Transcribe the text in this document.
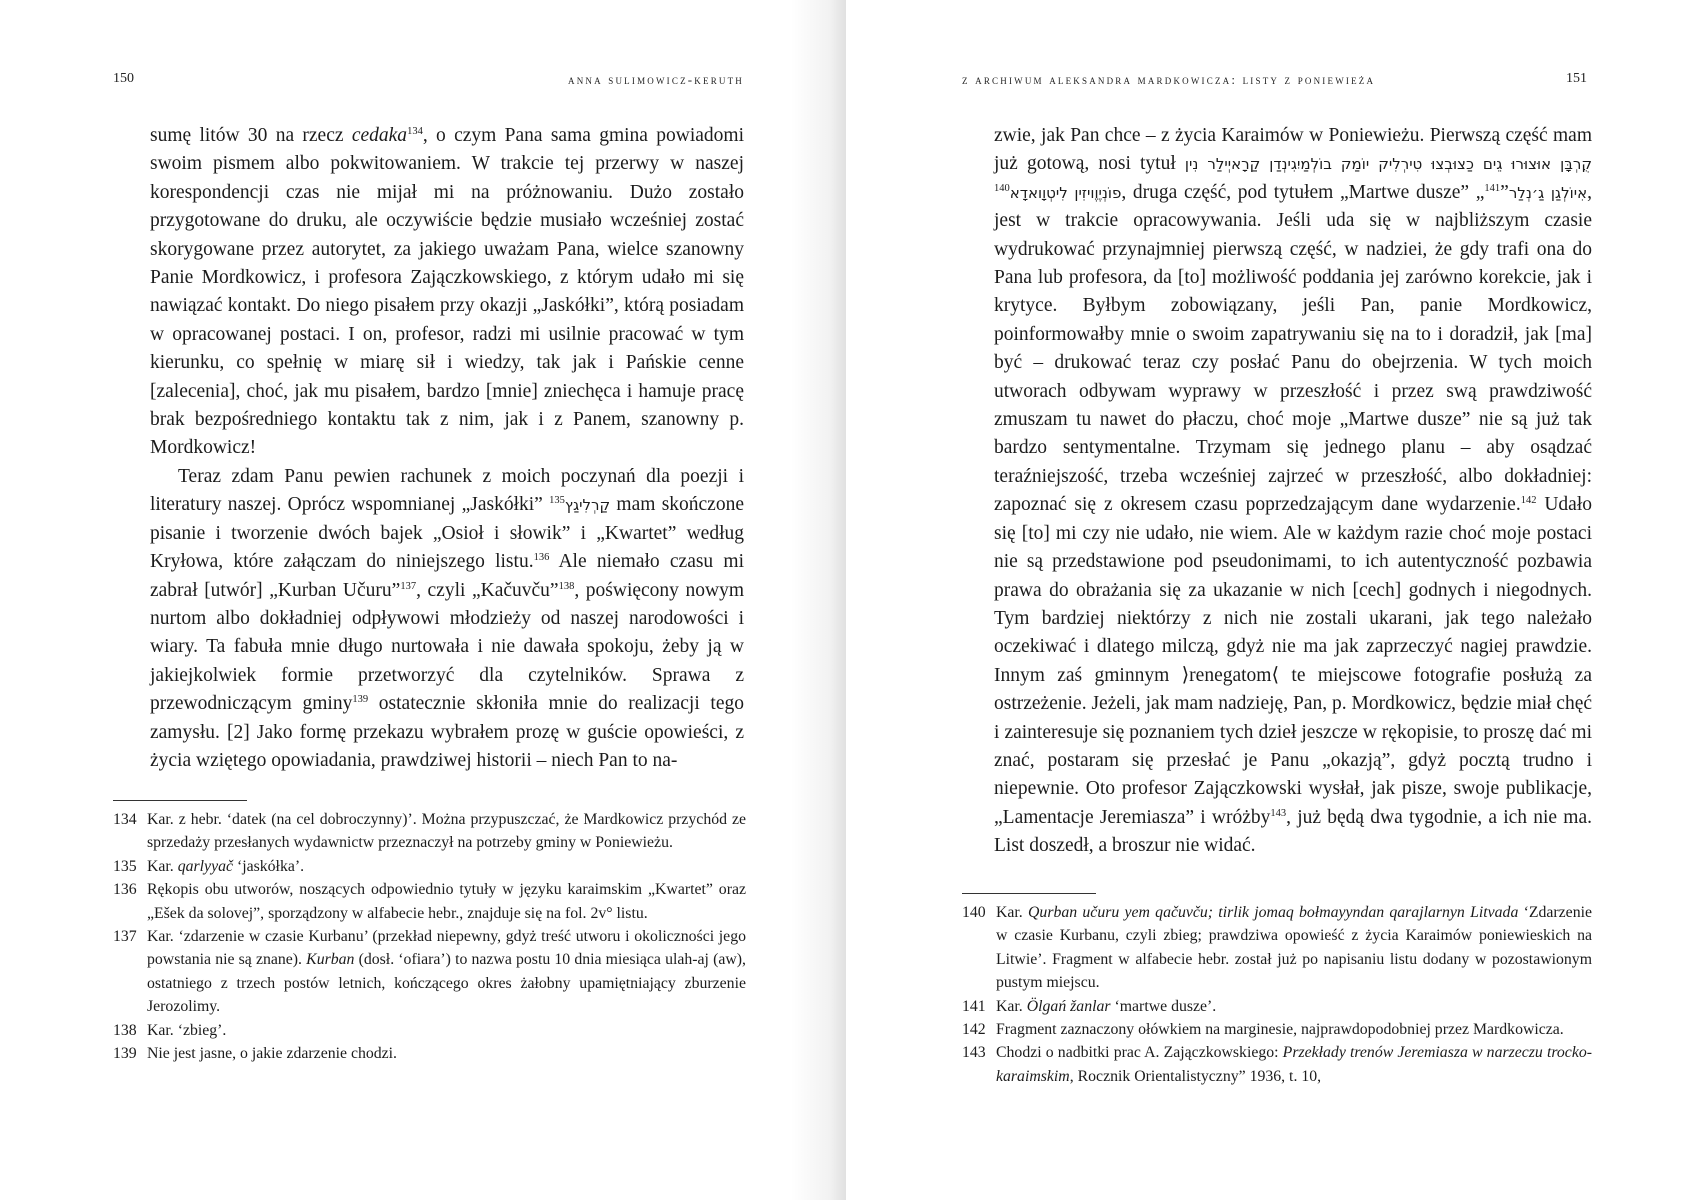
150	anna sulimowicz-keruth

sumę litów 30 na rzecz cedaka$^{134}$, o czym Pana sama gmina powiadomi swoim pismem albo pokwitowaniem. W trakcie tej przerwy w naszej korespondencji czas nie mijał mi na próżnowaniu. Dużo zostało przygotowane do druku, ale oczywiście będzie musiało wcześniej zostać skorygowane przez autorytet, za jakiego uważam Pana, wielce szanowny Panie Mordkowicz, i profesora Zajączkowskiego, z którym udało mi się nawiązać kontakt. Do niego pisałem przy okazji „Jaskółki”, którą posiadam w opracowanej postaci. I on, profesor, radzi mi usilnie pracować w tym kierunku, co spełnię w miarę sił i wiedzy, tak jak i Pańskie cenne [zalecenia], choć, jak mu pisałem, bardzo [mnie] zniechęca i hamuje pracę brak bezpośredniego kontaktu tak z nim, jak i z Panem, szanowny p. Mordkowicz!

Teraz zdam Panu pewien rachunek z moich poczynań dla poezji i literatury naszej. Oprócz wspomnianej „Jaskółki” קַרְלִיגַץ$^{135}$ mam skończone pisanie i tworzenie dwóch bajek „Osioł i słowik” i „Kwartet” według Kryłowa, które załączam do niniejszego listu.$^{136}$ Ale niemało czasu mi zabrał [utwór] „Kurban Učuru”$^{137}$, czyli „Kačuvču”$^{138}$, poświęcony nowym nurtom albo dokładniej odpływowi młodzieży od naszej narodowości i wiary. Ta fabuła mnie długo nurtowała i nie dawała spokoju, żeby ją w jakiejkolwiek formie przetworzyć dla czytelników. Sprawa z przewodniczącym gminy$^{139}$ ostatecznie skłoniła mnie do realizacji tego zamysłu. [2] Jako formę przekazu wybrałem prozę w guście opowieści, z życia wziętego opowiadania, prawdziwej historii – niech Pan to na-

134 Kar. z hebr. ‘datek (na cel dobroczynny)’. Można przypuszczać, że Mardkowicz przychód ze sprzedaży przesłanych wydawnictw przeznaczył na potrzeby gminy w Poniewieżu.
135 Kar. qarlyyač ‘jaskółka’.
136 Rękopis obu utworów, noszących odpowiednio tytuły w języku karaimskim „Kwartet” oraz „Ešek da solovej”, sporządzony w alfabecie hebr., znajduje się na fol. 2v° listu.
137 Kar. ‘zdarzenie w czasie Kurbanu’ (przekład niepewny, gdyż treść utworu i okoliczności jego powstania nie są znane). Kurban (dosł. ‘ofiara’) to nazwa postu 10 dnia miesiąca ulah-aj (aw), ostatniego z trzech postów letnich, kończącego okres żałobny upamiętniający zburzenie Jerozolimy.
138 Kar. ‘zbieg’.
139 Nie jest jasne, o jakie zdarzenie chodzi.
z archiwum aleksandra mardkowicza: listy z poniewieża	151

zwie, jak Pan chce – z życia Karaimów w Poniewieżu. Pierwszą część mam już gotową, nosi tytuł קֻרְבָּן אוּצוּרוּ גֵים כַצוּבְצוּ טִירְלִיק יוֹמַק בוֹלְמַיִגִינְדַן קַרָאיְילַר נִין פוֹנְיֶוֶויזִין לִיטְוָואדָא$^{140}$	, druga część, pod tytułem „Martwe dusze” „ אִיוֹלְגַן גַ׳נְלַר”$^{141}$	, jest w trakcie opracowywania. Jeśli uda się w najbliższym czasie wydrukować przynajmniej pierwszą część, w nadziei, że gdy trafi ona do Pana lub profesora, da [to] możliwość poddania jej zarówno korekcie, jak i krytyce. Byłbym zobowiązany, jeśli Pan, panie Mordkowicz, poinformowałby mnie o swoim zapatrywaniu się na to i doradził, jak [ma] być – drukować teraz czy posłać Panu do obejrzenia. W tych moich utworach odbywam wyprawy w przeszłość i przez swą prawdziwość zmuszam tu nawet do płaczu, choć moje „Martwe dusze” nie są już tak bardzo sentymentalne. Trzymam się jednego planu – aby osądzać teraźniejszość, trzeba wcześniej zajrzeć w przeszłość, albo dokładniej: zapoznać się z okresem czasu poprzedzającym dane wydarzenie.$^{142}$ Udało się [to] mi czy nie udało, nie wiem. Ale w każdym razie choć moje postaci nie są przedstawione pod pseudonimami, to ich autentyczność pozbawia prawa do obrażania się za ukazanie w nich [cech] godnych i niegodnych. Tym bardziej niektórzy z nich nie zostali ukarani, jak tego należało oczekiwać i dlatego milczą, gdyż nie ma jak zaprzeczyć nagiej prawdzie. Innym zaś gminnym ⟩renegatom⟨ te miejscowe fotografie posłużą za ostrzeżenie. Jeżeli, jak mam nadzieję, Pan, p. Mordkowicz, będzie miał chęć i zainteresuje się poznaniem tych dzieł jeszcze w rękopisie, to proszę dać mi znać, postaram się przesłać je Panu „okazją”, gdyż pocztą trudno i niepewnie. Oto profesor Zajączkowski wysłał, jak pisze, swoje publikacje, „Lamentacje Jeremiasza” i wróżby$^{143}$, już będą dwa tygodnie, a ich nie ma. List doszedł, a broszur nie widać.

140 Kar. Qurban učuru yem qačuvču; tirlik jomaq bołmayyndan qarajlarnyn Litvada ‘Zdarzenie w czasie Kurbanu, czyli zbieg; prawdziwa opowieść z życia Karaimów poniewieskich na Litwie’. Fragment w alfabecie hebr. został już po napisaniu listu dodany w pozostawionym pustym miejscu.
141 Kar. Ölgań žanlar ‘martwe dusze’.
142 Fragment zaznaczony ołówkiem na marginesie, najprawdopodobniej przez Mardkowicza.
143 Chodzi o nadbitki prac A. Zajączkowskiego: Przekłady trenów Jeremiasza w narzeczu trocko-karaimskim, Rocznik Orientalistyczny” 1936, t. 10,
